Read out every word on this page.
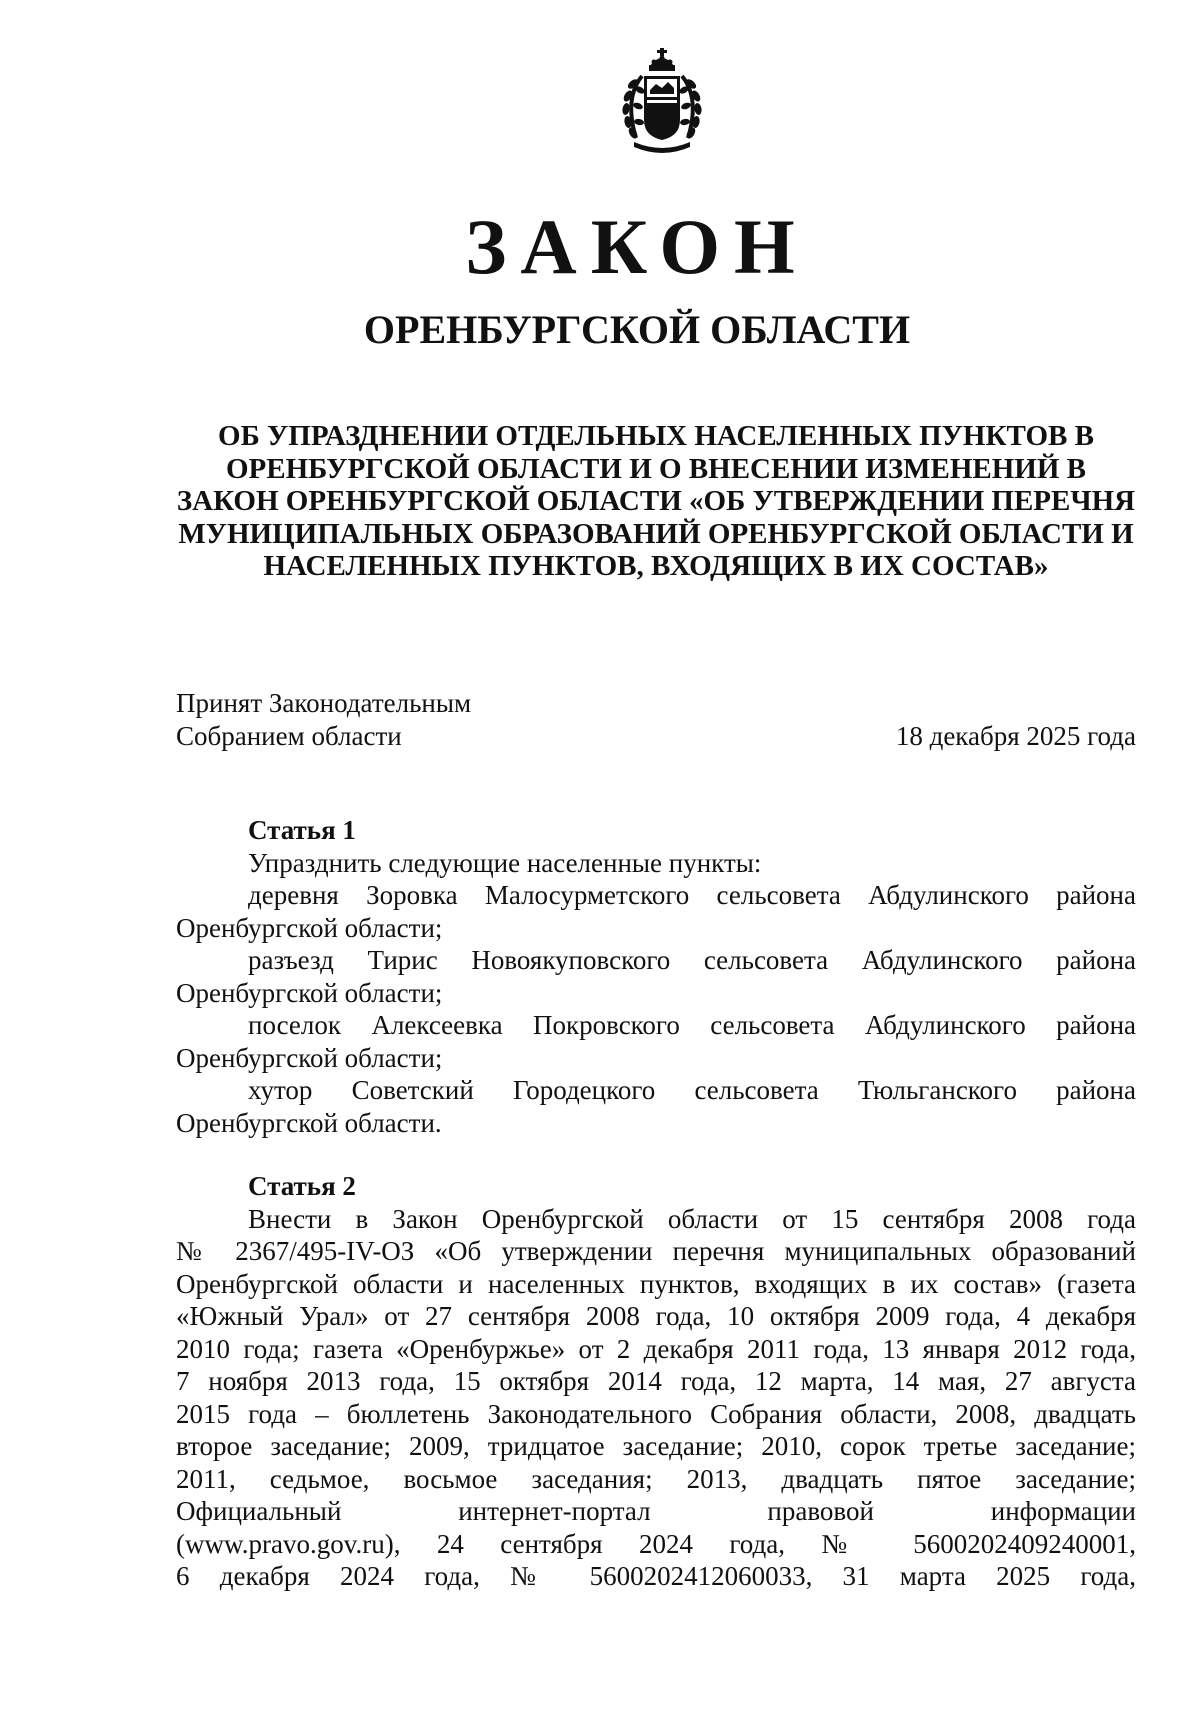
ЗАКОН
ОРЕНБУРГСКОЙ ОБЛАСТИ
ОБ УПРАЗДНЕНИИ ОТДЕЛЬНЫХ НАСЕЛЕННЫХ ПУНКТОВ В
ОРЕНБУРГСКОЙ ОБЛАСТИ И О ВНЕСЕНИИ ИЗМЕНЕНИЙ В
ЗАКОН ОРЕНБУРГСКОЙ ОБЛАСТИ «ОБ УТВЕРЖДЕНИИ ПЕРЕЧНЯ
МУНИЦИПАЛЬНЫХ ОБРАЗОВАНИЙ ОРЕНБУРГСКОЙ ОБЛАСТИ И
НАСЕЛЕННЫХ ПУНКТОВ, ВХОДЯЩИХ В ИХ СОСТАВ»
Принят Законодательным
Собранием области	18 декабря 2025 года
Статья 1
Упразднить следующие населенные пункты:
деревня Зоровка Малосурметского сельсовета Абдулинского района
Оренбургской области;
разъезд Тирис Новоякуповского сельсовета Абдулинского района
Оренбургской области;
поселок Алексеевка Покровского сельсовета Абдулинского района
Оренбургской области;
хутор Советский Городецкого сельсовета Тюльганского района
Оренбургской области.
Статья 2
Внести в Закон Оренбургской области от 15 сентября 2008 года
№ 2367/495-IV-ОЗ «Об утверждении перечня муниципальных образований
Оренбургской области и населенных пунктов, входящих в их состав» (газета
«Южный Урал» от 27 сентября 2008 года, 10 октября 2009 года, 4 декабря
2010 года; газета «Оренбуржье» от 2 декабря 2011 года, 13 января 2012 года,
7 ноября 2013 года, 15 октября 2014 года, 12 марта, 14 мая, 27 августа
2015 года – бюллетень Законодательного Собрания области, 2008, двадцать
второе заседание; 2009, тридцатое заседание; 2010, сорок третье заседание;
2011, седьмое, восьмое заседания; 2013, двадцать пятое заседание;
Официальный интернет-портал правовой информации
(www.pravo.gov.ru), 24 сентября 2024 года, № 5600202409240001,
6 декабря 2024 года, № 5600202412060033, 31 марта 2025 года,
